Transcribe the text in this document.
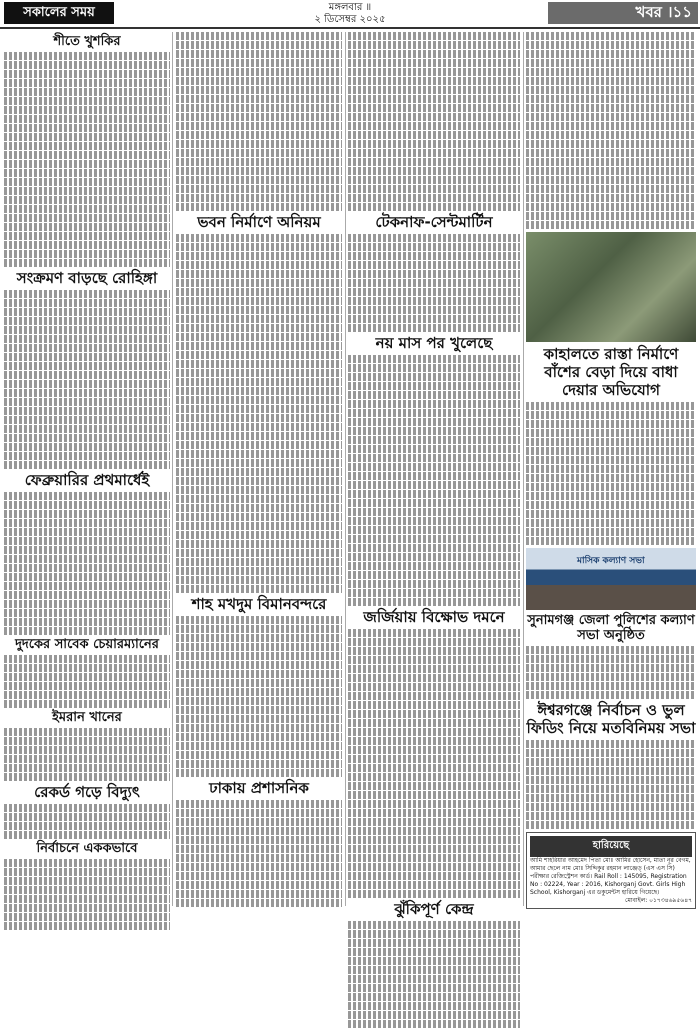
সকালের সময়	মঙ্গলবার ॥
২ ডিসেম্বর ২০২৫	খবর ।১১
শীতে খুশকির
সংক্রমণ বাড়ছে রোহিঙ্গা
ফেব্রুয়ারির প্রথমার্ধেই
দুদকের সাবেক চেয়ারম্যানের
ইমরান খানের
রেকর্ড গড়ে বিদ্যুৎ
নির্বাচনে এককভাবে
ভবন নির্মাণে অনিয়ম
শাহ মখদুম বিমানবন্দরে
ঢাকায় প্রশাসনিক
টেকনাফ-সেন্টমার্টিন
নয় মাস পর খুলেছে
জর্জিয়ায় বিক্ষোভ দমনে
ঝুঁকিপূর্ণ কেন্দ্র
কাহালতে রাস্তা নির্মাণে বাঁশের বেড়া দিয়ে বাধা দেয়ার অভিযোগ
মাসিক কল্যাণ সভা
সুনামগঞ্জ জেলা পুলিশের কল্যাণ সভা অনুষ্ঠিত
ঈশ্বরগঞ্জে নির্বাচন ও ভুল ফিডিং নিয়ে মতবিনিময় সভা
হারিয়েছে
আমি শাহরিয়ার আহমেদ পিতা মোঃ আমির হোসেন, মাতা নূর বেগম, আমার ছেলে নাম মোঃ সিদ্দিকুর রহমান লাঞ্জেড্‌ (এস এস সি) পরীক্ষার রেজিস্ট্রেশন কার্ড। Rail Roll : 145095, Registration No : 02224, Year : 2016, Kishorganj Govt. Girls High School, Kishorganj এর ডকুমেন্টস হারিয়ে গিয়েছে।
মোবাইল: ০১৭৩৪৬৯৫৬৪৭
